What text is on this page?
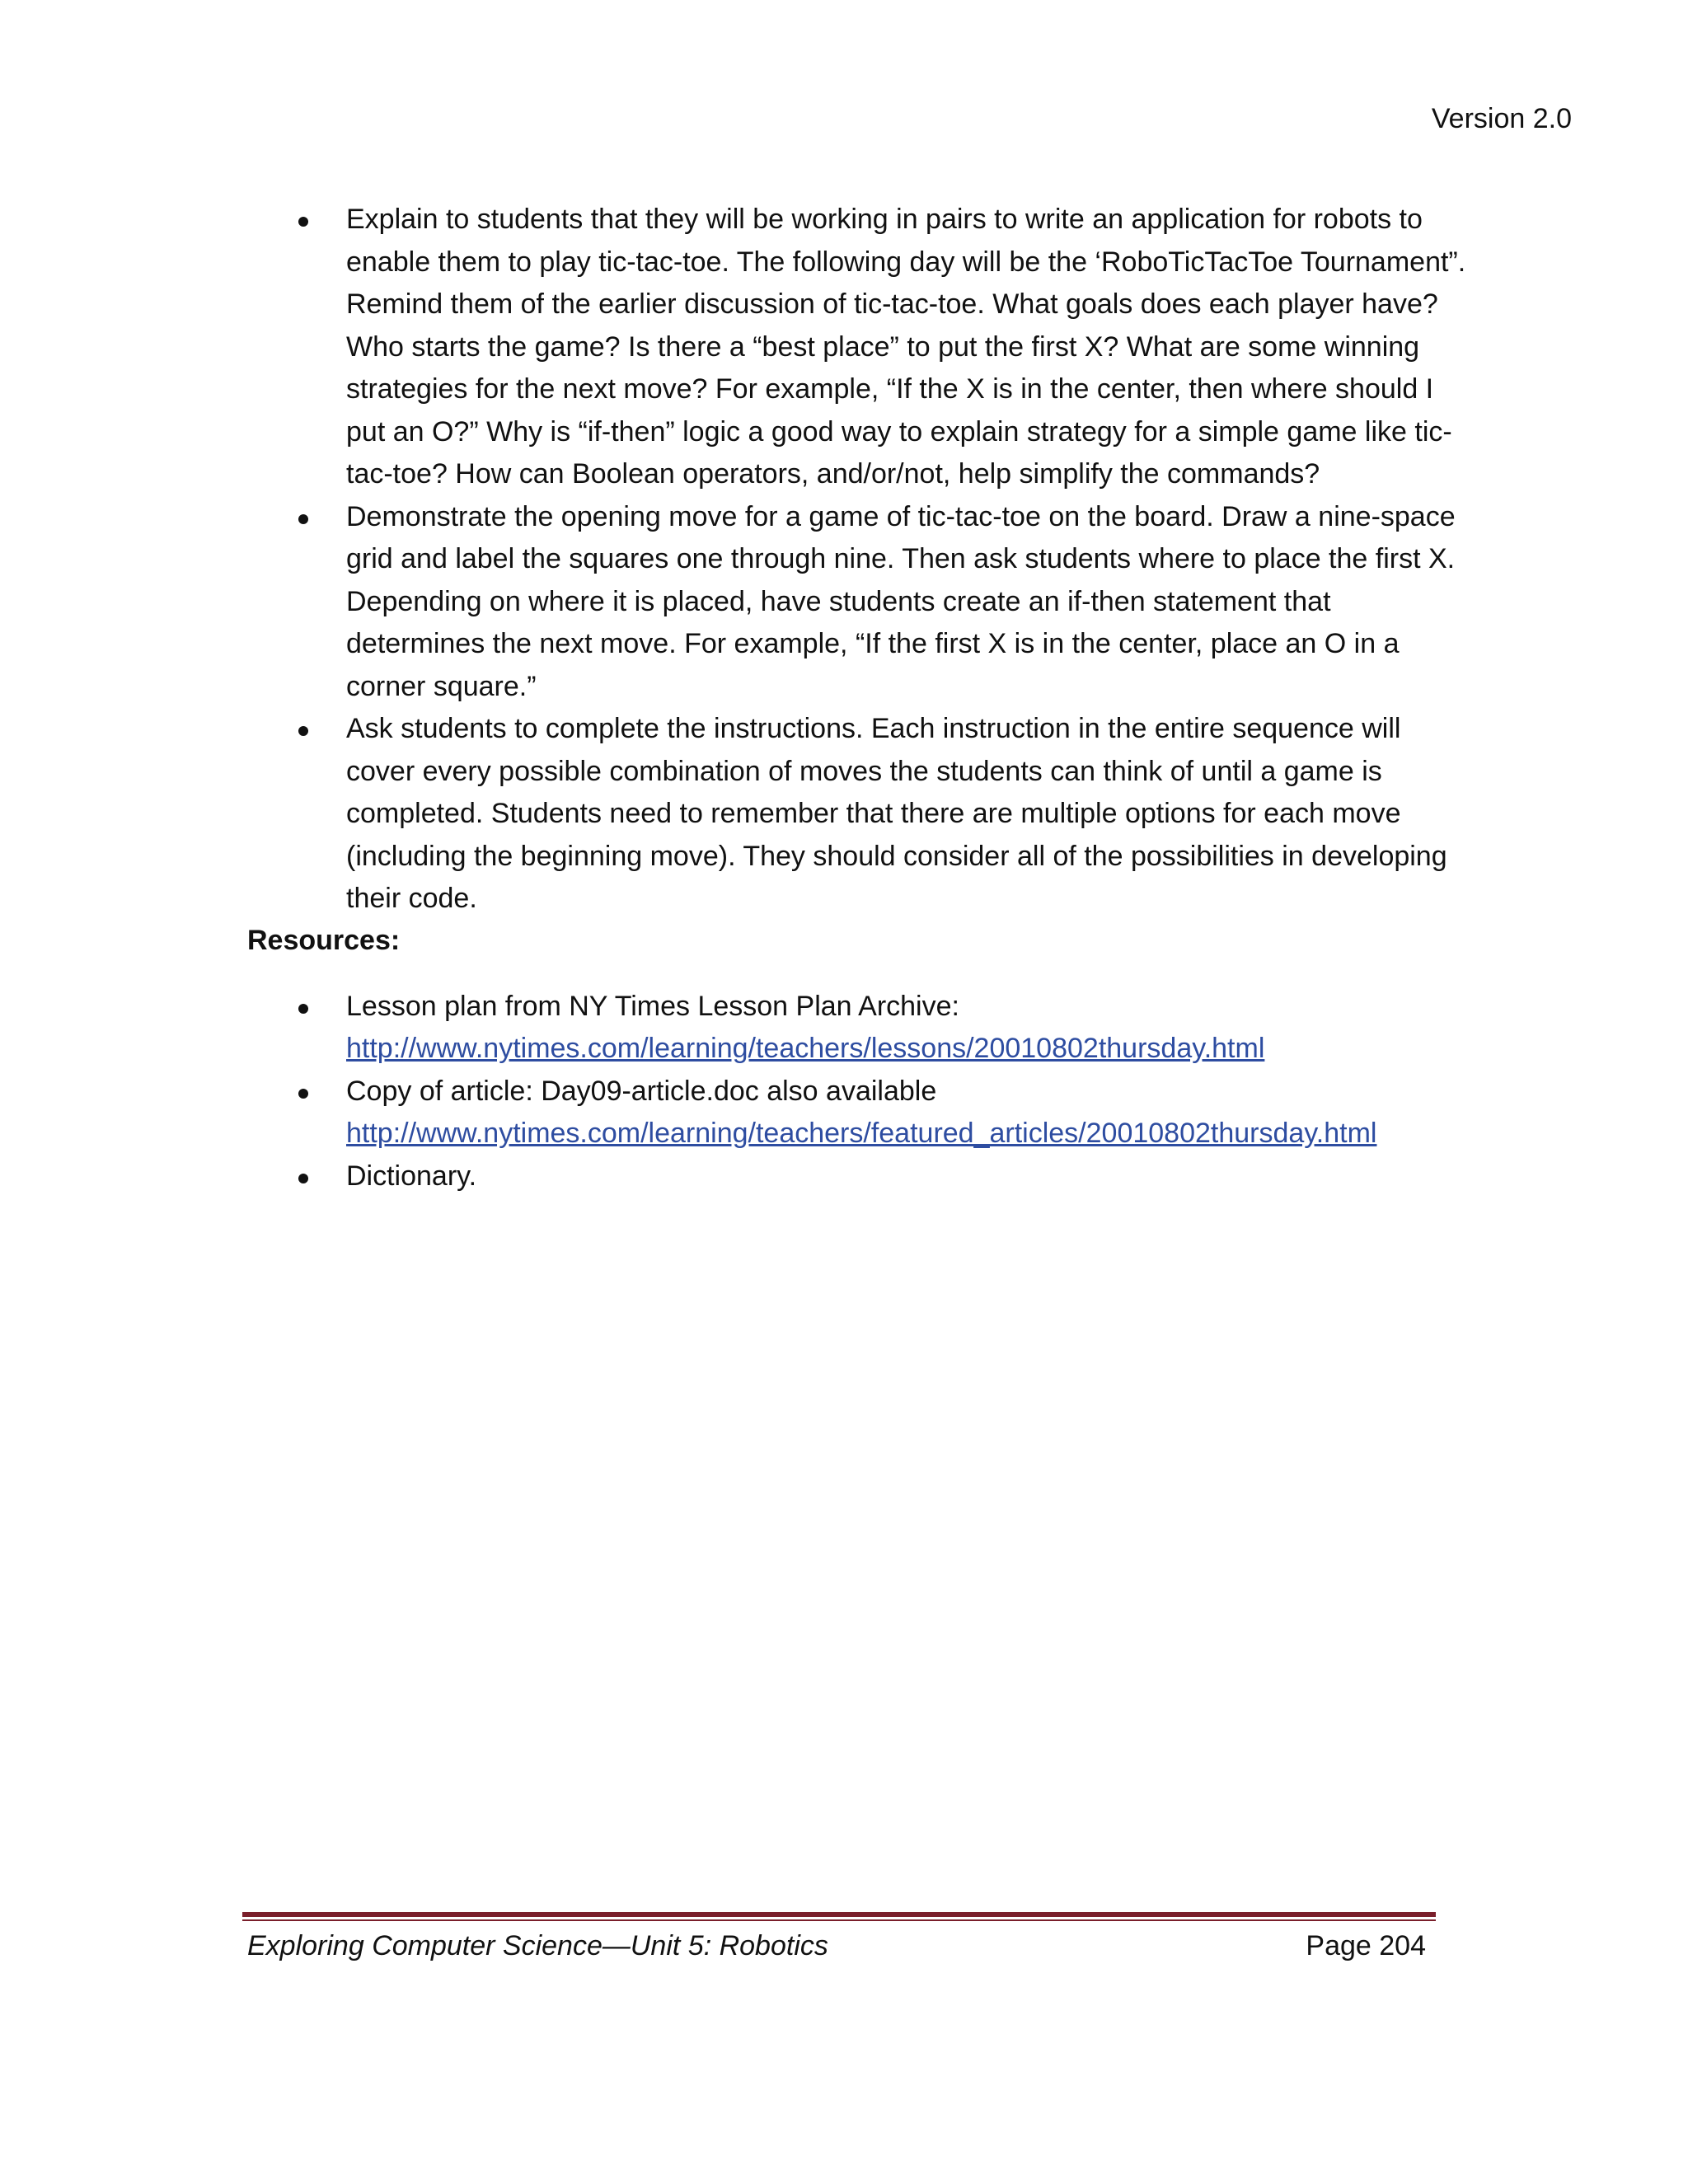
Version 2.0

Explain to students that they will be working in pairs to write an application for robots to enable them to play tic-tac-toe. The following day will be the ‘RoboTicTacToe Tournament”. Remind them of the earlier discussion of tic-tac-toe. What goals does each player have? Who starts the game? Is there a “best place” to put the first X? What are some winning strategies for the next move? For example, “If the X is in the center, then where should I put an O?” Why is “if-then” logic a good way to explain strategy for a simple game like tic-tac-toe? How can Boolean operators, and/or/not, help simplify the commands?
Demonstrate the opening move for a game of tic-tac-toe on the board. Draw a nine-space grid and label the squares one through nine. Then ask students where to place the first X. Depending on where it is placed, have students create an if-then statement that determines the next move. For example, “If the first X is in the center, place an O in a corner square.”
Ask students to complete the instructions. Each instruction in the entire sequence will cover every possible combination of moves the students can think of until a game is completed. Students need to remember that there are multiple options for each move (including the beginning move). They should consider all of the possibilities in developing their code.

Resources:

Lesson plan from NY Times Lesson Plan Archive:
http://www.nytimes.com/learning/teachers/lessons/20010802thursday.html
Copy of article: Day09-article.doc also available
http://www.nytimes.com/learning/teachers/featured_articles/20010802thursday.html
Dictionary.
Exploring Computer Science—Unit 5: Robotics	Page 204
